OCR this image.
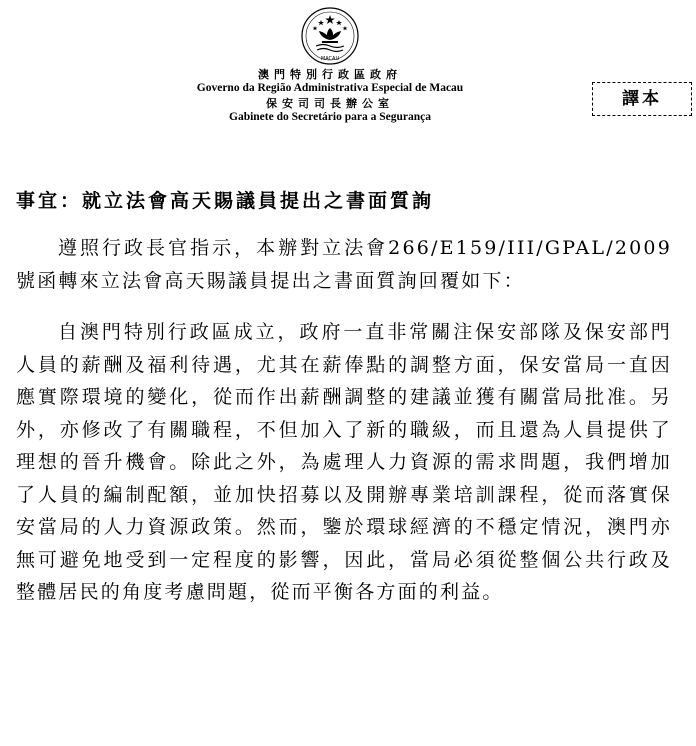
MACAU
澳門特別行政區政府
Governo da Região Administrativa Especial de Macau
保安司司長辦公室
Gabinete do Secretário para a Segurança
譯本
事宜：就立法會高天賜議員提出之書面質詢

遵照行政長官指示，本辦對立法會266/E159/III/GPAL/2009號函轉來立法會高天賜議員提出之書面質詢回覆如下：

自澳門特別行政區成立，政府一直非常關注保安部隊及保安部門人員的薪酬及福利待遇，尤其在薪俸點的調整方面，保安當局一直因應實際環境的變化，從而作出薪酬調整的建議並獲有關當局批准。另外，亦修改了有關職程，不但加入了新的職級，而且還為人員提供了理想的晉升機會。除此之外，為處理人力資源的需求問題，我們增加了人員的編制配額，並加快招募以及開辦專業培訓課程，從而落實保安當局的人力資源政策。然而，鑒於環球經濟的不穩定情況，澳門亦無可避免地受到一定程度的影響，因此，當局必須從整個公共行政及整體居民的角度考慮問題，從而平衡各方面的利益。
